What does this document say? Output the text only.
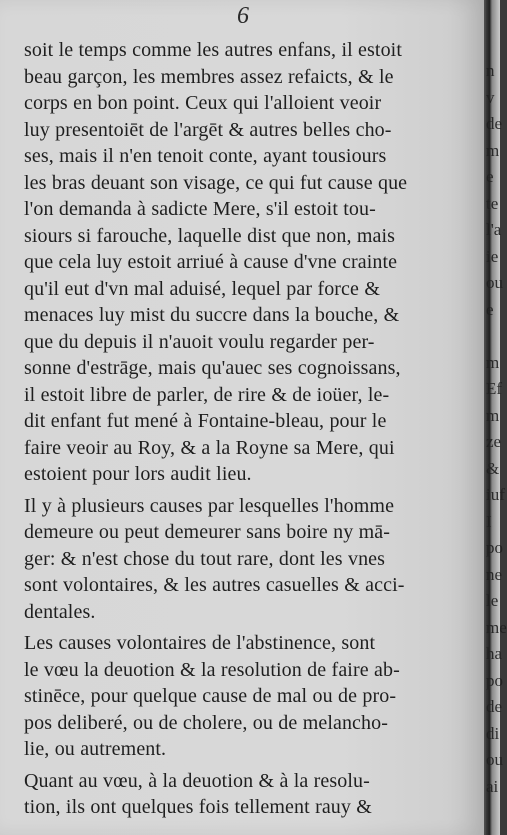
6
soit le temps comme les autres enfans, il estoit
beau garçon, les membres assez refaicts, & le
corps en bon point. Ceux qui l'alloient veoir
luy presentoiēt de l'argēt & autres belles cho-
ses, mais il n'en tenoit conte, ayant tousiours
les bras deuant son visage, ce qui fut cause que
l'on demanda à sadicte Mere, s'il estoit tou-
siours si farouche, laquelle dist que non, mais
que cela luy estoit arriué à cause d'vne crainte
qu'il eut d'vn mal aduisé, lequel par force &
menaces luy mist du succre dans la bouche, &
que du depuis il n'auoit voulu regarder per-
sonne d'estrāge, mais qu'auec ses cognoissans,
il estoit libre de parler, de rire & de ioüer, le-
dit enfant fut mené à Fontaine-bleau, pour le
faire veoir au Roy, & a la Royne sa Mere, qui
estoient pour lors audit lieu.
Il y à plusieurs causes par lesquelles l'homme
demeure ou peut demeurer sans boire ny mā-
ger: & n'est chose du tout rare, dont les vnes
sont volontaires, & les autres casuelles & acci-
dentales.
Les causes volontaires de l'abstinence, sont
le vœu la deuotion & la resolution de faire ab-
stinēce, pour quelque cause de mal ou de pro-
pos deliberé, ou de cholere, ou de melancho-
lie, ou autrement.
Quant au vœu, à la deuotion & à la resolu-
tion, ils ont quelques fois tellement rauy &
n
v
de
m
e
te
l'a
ie
ou
e
m
Ef
m
ze
&
iuf
I
po
ne
le
me
ha
po
de
di
ou
ai
